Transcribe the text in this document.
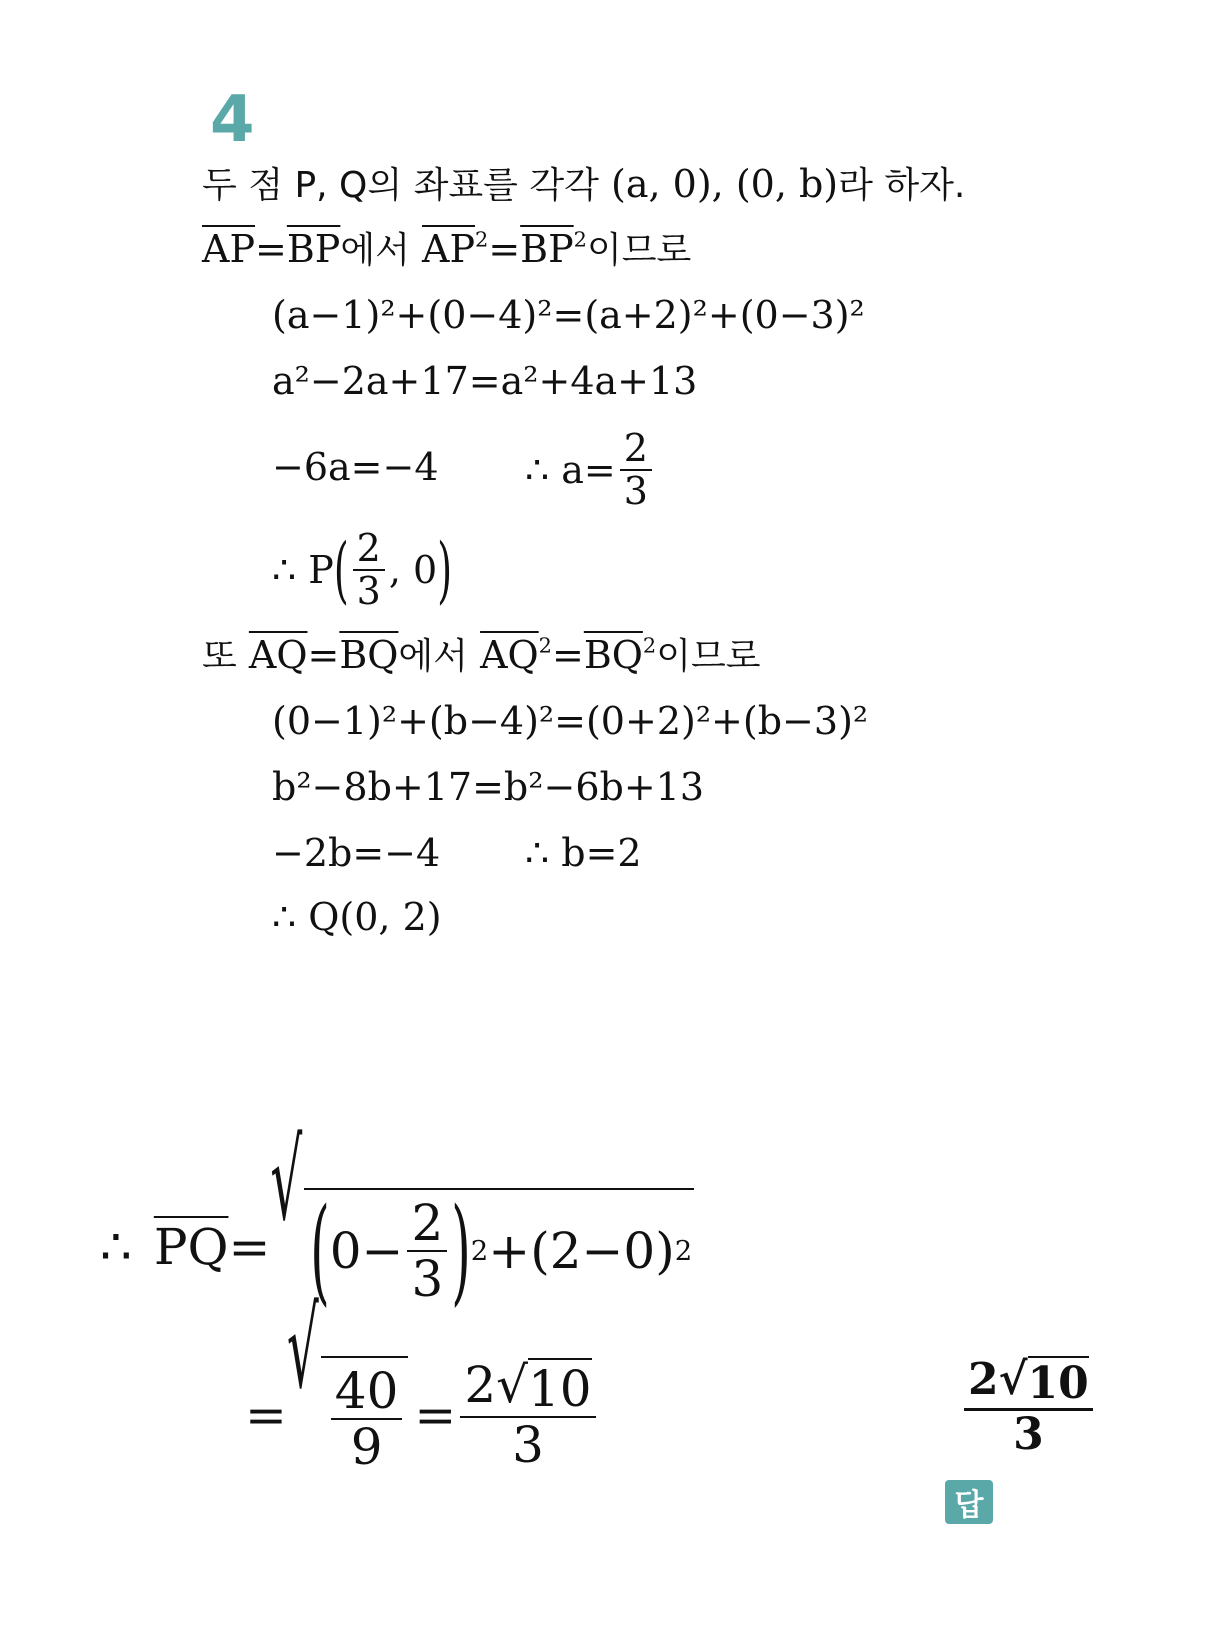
4
두 점 P, Q의 좌표를 각각 (a, 0), (0, b)라 하자.
$\overline{AP}=\overline{BP}$에서 $\overline{AP}^2=\overline{BP}^2$이므로
(a−1)²+(0−4)²=(a+2)²+(0−3)²
a²−2a+17=a²+4a+13
−6a=−4 ∴ $a= \frac{2}{3}$
∴ P ( $\frac{2}{3}$ , 0 )
또 $\overline{AQ}=\overline{BQ}$에서 $\overline{AQ}^2=\overline{BQ}^2$이므로
(0−1)²+(b−4)²=(0+2)²+(b−3)²
b²−8b+17=b²−6b+13
−2b=−4 ∴ b=2
∴ Q(0, 2)
∴ $\overline{PQ}$ =
√
( $0- \frac{2}{3}$ ) 2 +(2−0) 2
=
√
$\frac{40}{9} = \frac{2 √ 10}{3}$
답
$\frac{2 √ 10}{3}$
